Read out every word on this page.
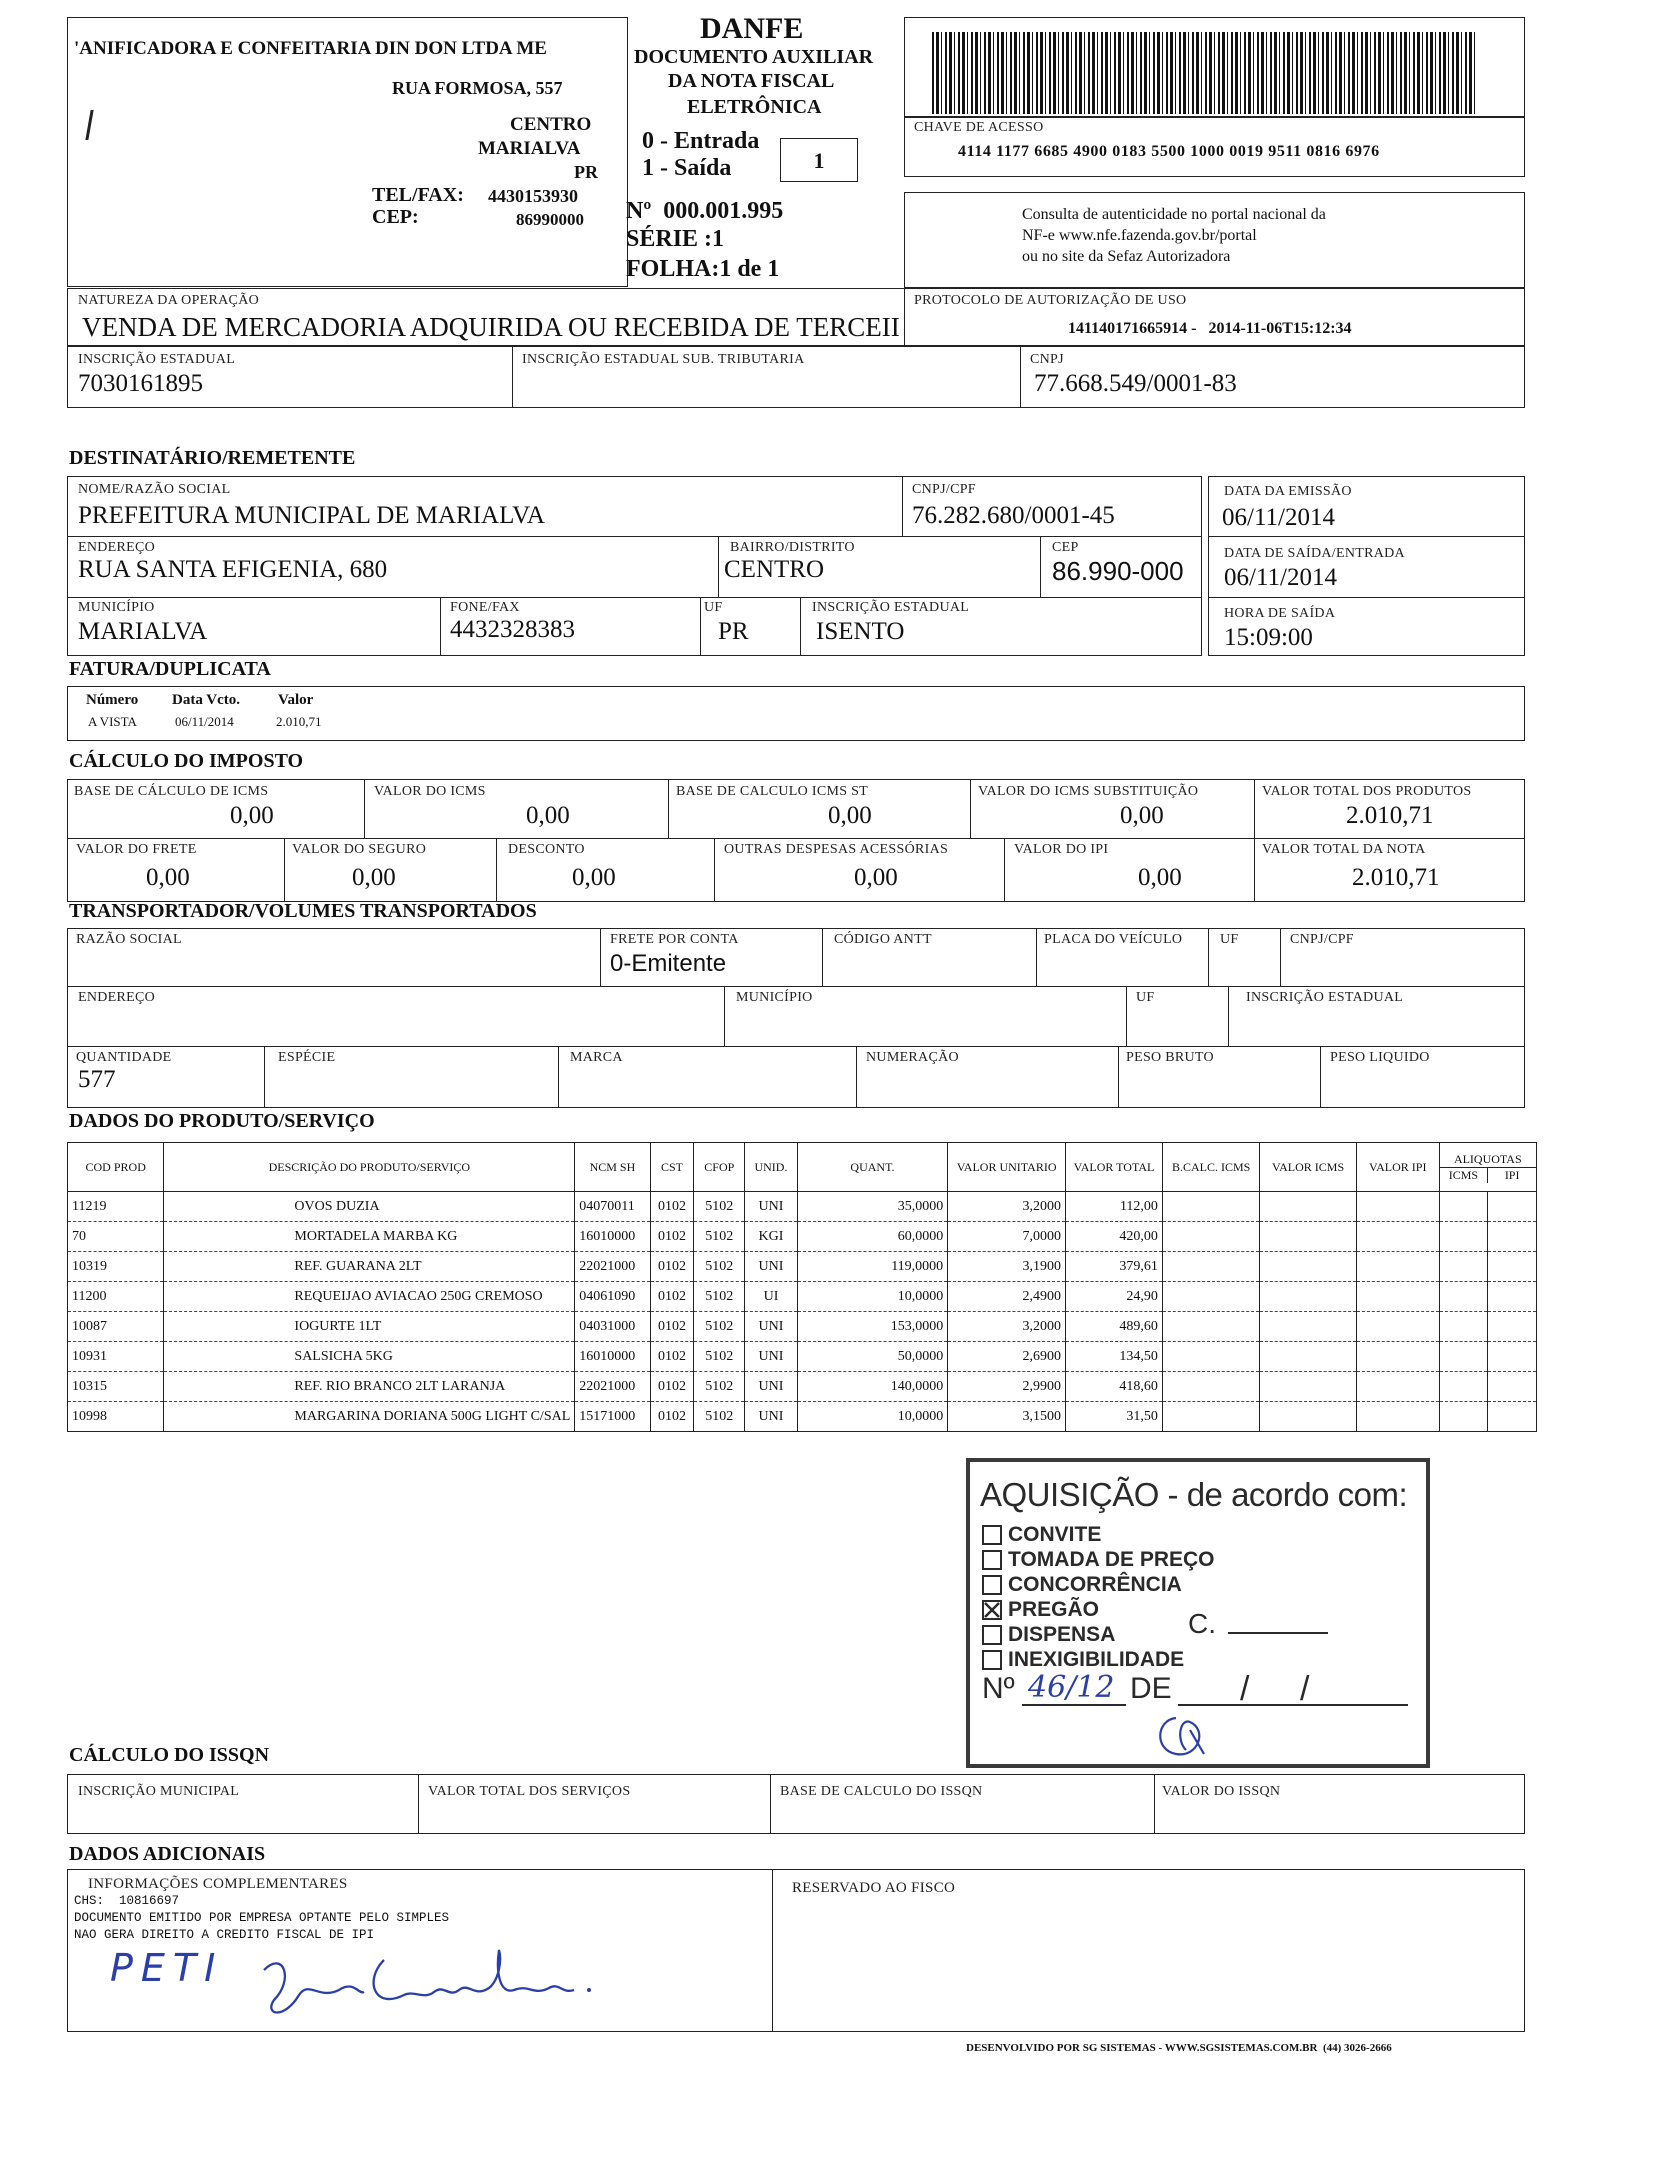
'ANIFICADORA E CONFEITARIA DIN DON LTDA ME
RUA FORMOSA, 557
CENTRO
MARIALVA
PR
TEL/FAX: 4430153930
CEP:	86990000
DANFE
DOCUMENTO AUXILIAR
DA NOTA FISCAL
ELETRÔNICA
0 - Entrada
1 - Saída	1
Nº  000.001.995
SÉRIE :1
FOLHA:1 de 1
CHAVE DE ACESSO
4114 1177 6685 4900 0183 5500 1000 0019 9511 0816 6976
Consulta de autenticidade no portal nacional da
NF-e www.nfe.fazenda.gov.br/portal
ou no site da Sefaz Autorizadora
NATUREZA DA OPERAÇÃO
VENDA DE MERCADORIA ADQUIRIDA OU RECEBIDA DE TERCEII
PROTOCOLO DE AUTORIZAÇÃO DE USO
141140171665914 -   2014-11-06T15:12:34
INSCRIÇÃO ESTADUAL
7030161895
INSCRIÇÃO ESTADUAL SUB. TRIBUTARIA	CNPJ
77.668.549/0001-83
DESTINATÁRIO/REMETENTE
NOME/RAZÃO SOCIAL
PREFEITURA MUNICIPAL DE MARIALVA
CNPJ/CPF
76.282.680/0001-45
ENDEREÇO
RUA SANTA EFIGENIA, 680
BAIRRO/DISTRITO
CENTRO
CEP
86.990-000
MUNICÍPIO
MARIALVA
FONE/FAX
4432328383
UF
PR
INSCRIÇÃO ESTADUAL
ISENTO
DATA DA EMISSÃO
06/11/2014
DATA DE SAÍDA/ENTRADA
06/11/2014
HORA DE SAÍDA
15:09:00
FATURA/DUPLICATA
Número Data Vcto.	Valor
A VISTA	06/11/2014	2.010,71
CÁLCULO DO IMPOSTO
BASE DE CÁLCULO DE ICMS
0,00
VALOR DO ICMS
0,00
BASE DE CALCULO ICMS ST
0,00
VALOR DO ICMS SUBSTITUIÇÃO
0,00
VALOR TOTAL DOS PRODUTOS
2.010,71
VALOR DO FRETE
0,00
VALOR DO SEGURO
0,00
DESCONTO
0,00
OUTRAS DESPESAS ACESSÓRIAS
0,00
VALOR DO IPI
0,00
VALOR TOTAL DA NOTA
2.010,71
TRANSPORTADOR/VOLUMES TRANSPORTADOS
RAZÃO SOCIAL	FRETE POR CONTA
0-Emitente
CÓDIGO ANTT	PLACA DO VEÍCULO	UF	CNPJ/CPF
ENDEREÇO	MUNICÍPIO	UF	INSCRIÇÃO ESTADUAL
QUANTIDADE
577
ESPÉCIE	MARCA	NUMERAÇÃO	PESO BRUTO	PESO LIQUIDO
DADOS DO PRODUTO/SERVIÇO
COD PROD	DESCRIÇÃO DO PRODUTO/SERVIÇO	NCM SH	CST	CFOP	UNID.	QUANT.	VALOR UNITARIO	VALOR TOTAL	B.CALC. ICMS	VALOR ICMS	VALOR IPI	ALIQUOTAS
ICMS IPI	

11219	OVOS DUZIA	04070011	0102	5102	UNI	35,0000	3,2000	112,00					
70	MORTADELA MARBA KG	16010000	0102	5102	KGI	60,0000	7,0000	420,00					
10319	REF. GUARANA 2LT	22021000	0102	5102	UNI	119,0000	3,1900	379,61					
11200	REQUEIJAO AVIACAO 250G CREMOSO	04061090	0102	5102	UI	10,0000	2,4900	24,90					
10087	IOGURTE 1LT	04031000	0102	5102	UNI	153,0000	3,2000	489,60					
10931	SALSICHA 5KG	16010000	0102	5102	UNI	50,0000	2,6900	134,50					
10315	REF. RIO BRANCO 2LT LARANJA	22021000	0102	5102	UNI	140,0000	2,9900	418,60					
10998	MARGARINA DORIANA 500G LIGHT C/SAL	15171000	0102	5102	UNI	10,0000	3,1500	31,50					
AQUISIÇÃO - de acordo com:
CONVITE
TOMADA DE PREÇO
CONCORRÊNCIA
PREGÃO
DISPENSA
INEXIGIBILIDADE
C.
Nº 46/12 DE / /
CÁLCULO DO ISSQN
INSCRIÇÃO MUNICIPAL	VALOR TOTAL DOS SERVIÇOS	BASE DE CALCULO DO ISSQN	VALOR DO ISSQN
DADOS ADICIONAIS
INFORMAÇÕES COMPLEMENTARES
CHS:  10816697
DOCUMENTO EMITIDO POR EMPRESA OPTANTE PELO SIMPLES
NAO GERA DIREITO A CREDITO FISCAL DE IPI
PETI
RESERVADO AO FISCO
DESENVOLVIDO POR SG SISTEMAS - WWW.SGSISTEMAS.COM.BR  (44) 3026-2666
